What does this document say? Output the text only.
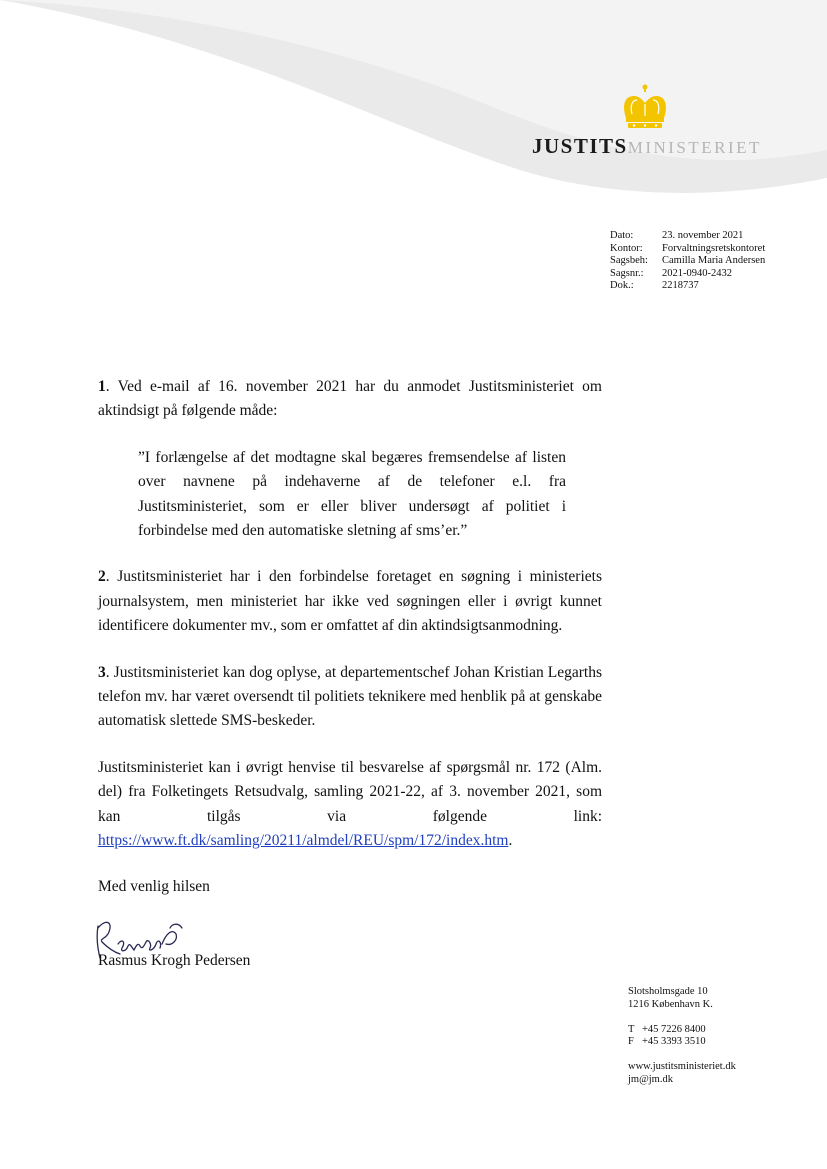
JUSTITSMINISTERIET
Dato:	23. november 2021
Kontor:	Forvaltningsretskontoret
Sagsbeh:	Camilla Maria Andersen
Sagsnr.:	2021-0940-2432
Dok.:	2218737

1. Ved e-mail af 16. november 2021 har du anmodet Justitsministeriet om aktindsigt på følgende måde:

”I forlængelse af det modtagne skal begæres fremsendelse af listen over navnene på indehaverne af de telefoner e.l. fra Justitsministeriet, som er eller bliver undersøgt af politiet i forbindelse med den automatiske sletning af sms’er.”

2. Justitsministeriet har i den forbindelse foretaget en søgning i ministeriets journalsystem, men ministeriet har ikke ved søgningen eller i øvrigt kunnet identificere dokumenter mv., som er omfattet af din aktindsigtsanmodning.

3. Justitsministeriet kan dog oplyse, at departementschef Johan Kristian Legarths telefon mv. har været oversendt til politiets teknikere med henblik på at genskabe automatisk slettede SMS-beskeder.

Justitsministeriet kan i øvrigt henvise til besvarelse af spørgsmål nr. 172 (Alm. del) fra Folketingets Retsudvalg, samling 2021-22, af 3. november 2021, som kan tilgås via følgende link: https://www.ft.dk/samling/20211/almdel/REU/spm/172/index.htm.

Med venlig hilsen
Rasmus Krogh Pedersen
Slotsholmsgade 10
1216 København K.
T +45 7226 8400
F +45 3393 3510
www.justitsministeriet.dk
jm@jm.dk
